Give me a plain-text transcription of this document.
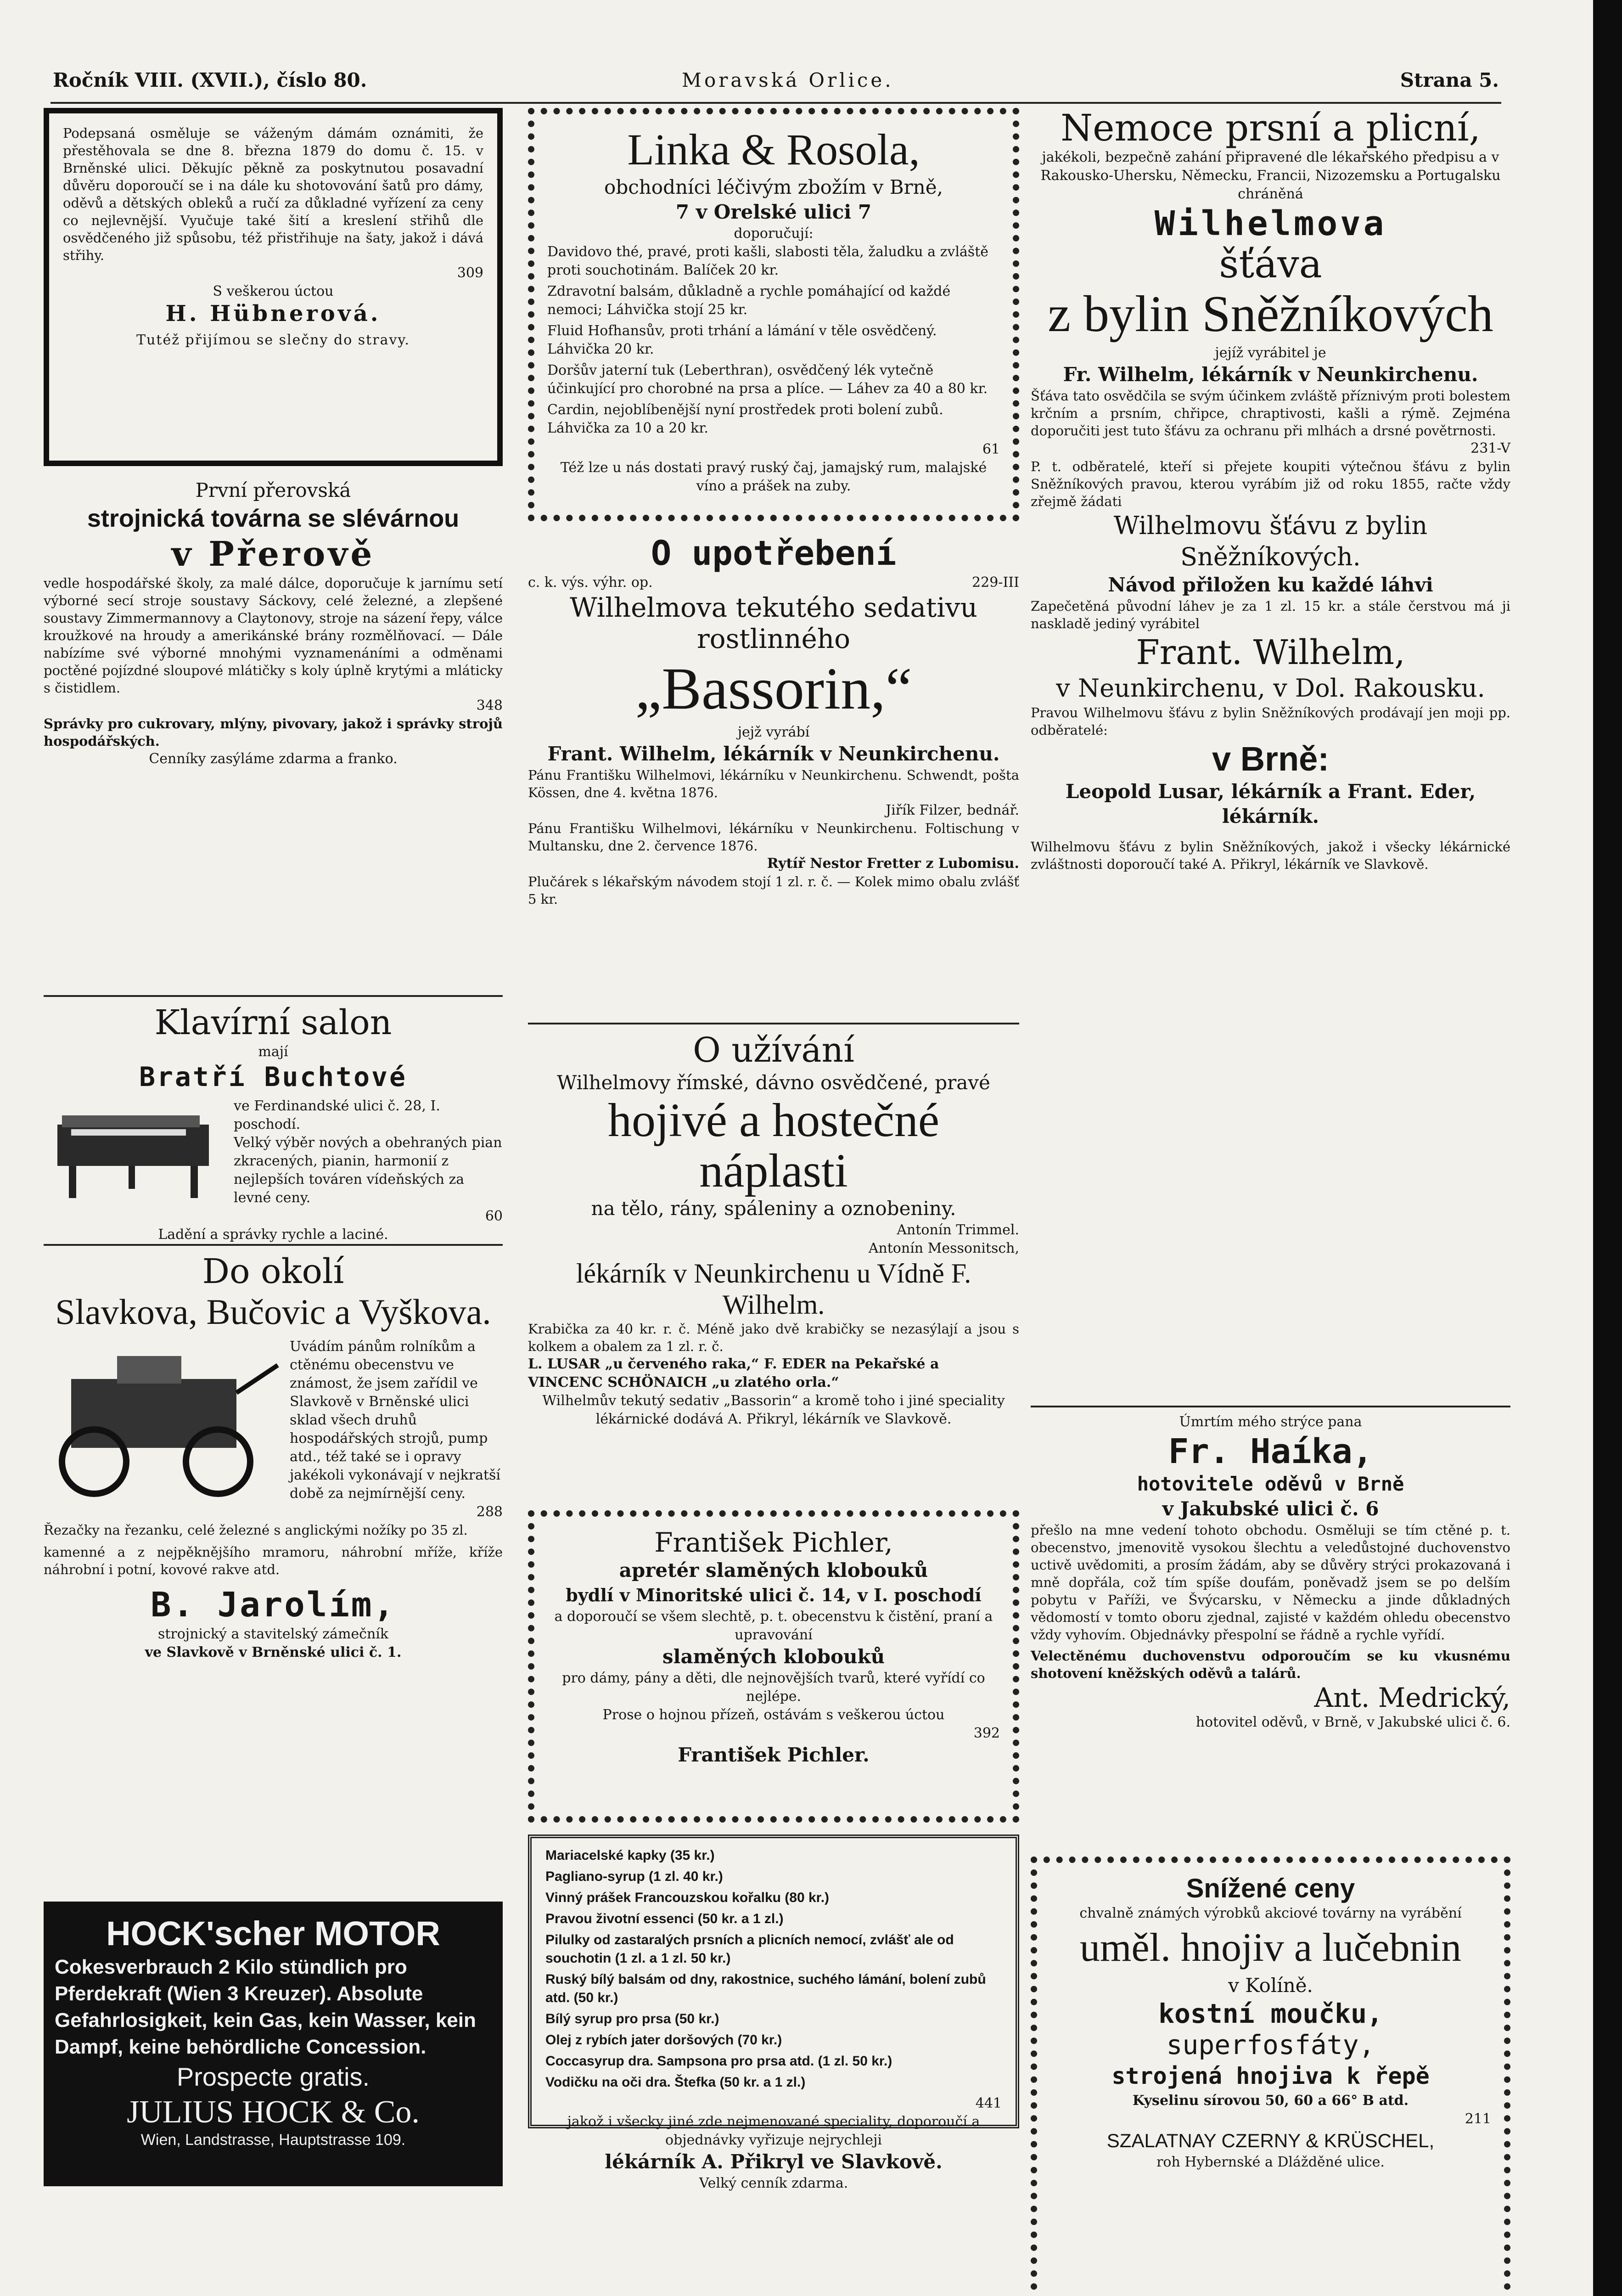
Ročník VIII. (XVII.), číslo 80.	Moravská Orlice.	Strana 5.
Podepsaná osměluje se váženým dámám oznámiti, že přestěhovala se dne 8. března 1879 do domu č. 15. v Brněnské ulici. Děkujíc pěkně za poskytnutou posavadní důvěru doporoučí se i na dále ku shotovování šatů pro dámy, oděvů a dětských obleků a ručí za důkladné vyřízení za ceny co nejlevnější. Vyučuje také šití a kreslení střihů dle osvědčeného již spůsobu, též přistřihuje na šaty, jakož i dává střihy.
309
S veškerou úctou
H. Hübnerová.
Tutéž přijímou se slečny do stravy.
První přerovská
strojnická továrna se slévárnou
v Přerově
vedle hospodářské školy, za malé dálce, doporučuje k jarnímu setí výborné secí stroje soustavy Sáckovy, celé železné, a zlepšené soustavy Zimmermannovy a Claytonovy, stroje na sázení řepy, válce kroužkové na hroudy a amerikánské brány rozmělňovací. — Dále nabízíme své výborné mnohými vyznamenáními a odměnami poctěné pojízdné sloupové mlátičky s koly úplně krytými a mláticky s čistidlem.
348
Správky pro cukrovary, mlýny, pivovary, jakož i správky strojů hospodářských.
Cenníky zasýláme zdarma a franko.
Klavírní salon
mají
Bratří Buchtové
ve Ferdinandské ulici č. 28, I. poschodí.
Velký výběr nových a obehraných pian zkracených, pianin, harmonií z nejlepších továren vídeňských za levné ceny.
60
Ladění a správky rychle a laciné.
Do okolí
Slavkova, Bučovic a Vyškova.
Uvádím pánům rolníkům a ctěnému obecenstvu ve známost, že jsem zařídil ve Slavkově v Brněnské ulici sklad všech druhů hospodářských strojů, pump atd., též také se i opravy jakékoli vykonávají v nejkratší době za nejmírnější ceny.
288
Řezačky na řezanku, celé železné s anglickými nožíky po 35 zl.
kamenné a z nejpěknějšího mramoru, náhrobní mříže, kříže náhrobní i potní, kovové rakve atd.
B. Jarolím,
strojnický a stavitelský zámečník
ve Slavkově v Brněnské ulici č. 1.
HOCK'scher MOTOR
Cokesverbrauch 2 Kilo stündlich pro Pferdekraft (Wien 3 Kreuzer). Absolute Gefahrlosigkeit, kein Gas, kein Wasser, kein Dampf, keine behördliche Concession.
Prospecte gratis.
JULIUS HOCK & Co.
Wien, Landstrasse, Hauptstrasse 109.
Linka & Rosola,
obchodníci léčivým zbožím v Brně,
7 v Orelské ulici 7
doporučují:
Davidovo thé, pravé, proti kašli, slabosti těla, žaludku a zvláště proti souchotinám. Balíček 20 kr.
Zdravotní balsám, důkladně a rychle pomáhající od každé nemoci; Láhvička stojí 25 kr.
Fluid Hofhansův, proti trhání a lámání v těle osvědčený. Láhvička 20 kr.
Doršův jaterní tuk (Leberthran), osvědčený lék vytečně účinkující pro chorobné na prsa a plíce. — Láhev za 40 a 80 kr.
Cardin, nejoblíbenější nyní prostředek proti bolení zubů. Láhvička za 10 a 20 kr.
61
Též lze u nás dostati pravý ruský čaj, jamajský rum, malajské víno a prášek na zuby.
O upotřebení
c. k. výs. výhr. op.	229-III
Wilhelmova tekutého sedativu rostlinného
„Bassorin,“
jejž vyrábí
Frant. Wilhelm, lékárník v Neunkirchenu.
Pánu Františku Wilhelmovi, lékárníku v Neunkirchenu. Schwendt, pošta Kössen, dne 4. května 1876.
Jiřík Filzer, bednář.
Pánu Františku Wilhelmovi, lékárníku v Neunkirchenu. Foltischung v Multansku, dne 2. července 1876.
Rytíř Nestor Fretter z Lubomisu.
Plučárek s lékařským návodem stojí 1 zl. r. č. — Kolek mimo obalu zvlášť 5 kr.
O užívání
Wilhelmovy římské, dávno osvědčené, pravé
hojivé a hostečné náplasti
na tělo, rány, spáleniny a oznobeniny.
Antonín Trimmel.
Antonín Messonitsch,
lékárník v Neunkirchenu u Vídně F. Wilhelm.
Krabička za 40 kr. r. č. Méně jako dvě krabičky se nezasýlají a jsou s kolkem a obalem za 1 zl. r. č.
L. LUSAR „u červeného raka,“ F. EDER na Pekařské a
VINCENC SCHÖNAICH „u zlatého orla.“
Wilhelmův tekutý sedativ „Bassorin“ a kromě toho i jiné speciality lékárnické dodává A. Přikryl, lékárník ve Slavkově.
František Pichler,
apretér slaměných klobouků
bydlí v Minoritské ulici č. 14, v I. poschodí
a doporoučí se všem slechtě, p. t. obecenstvu k čistění, praní a upravování
slaměných klobouků
pro dámy, pány a děti, dle nejnovějších tvarů, které vyřídí co nejlépe.
Prose o hojnou přízeň, ostávám s veškerou úctou
392
František Pichler.
Mariacelské kapky (35 kr.)
Pagliano-syrup (1 zl. 40 kr.)
Vinný prášek Francouzskou kořalku (80 kr.)
Pravou životní essenci (50 kr. a 1 zl.)
Pilulky od zastaralých prsních a plicních nemocí, zvlášť ale od souchotin (1 zl. a 1 zl. 50 kr.)
Ruský bílý balsám od dny, rakostnice, suchého lámání, bolení zubů atd. (50 kr.)
Bílý syrup pro prsa (50 kr.)
Olej z rybích jater doršových (70 kr.)
Coccasyrup dra. Sampsona pro prsa atd. (1 zl. 50 kr.)
Vodičku na oči dra. Štefka (50 kr. a 1 zl.)
441
jakož i všecky jiné zde nejmenované speciality, doporoučí a objednávky vyřizuje nejrychleji
lékárník A. Přikryl ve Slavkově.
Velký cenník zdarma.
Nemoce prsní a plicní,
jakékoli, bezpečně zahání připravené dle lékařského předpisu a v Rakousko-Uhersku, Německu, Francii, Nizozemsku a Portugalsku chráněná
Wilhelmova
šťáva
z bylin Sněžníkových
jejíž vyrábitel je
Fr. Wilhelm, lékárník v Neunkirchenu.
Šťáva tato osvědčila se svým účinkem zvláště příznivým proti bolestem krčním a prsním, chřipce, chraptivosti, kašli a rýmě. Zejména doporučiti jest tuto šťávu za ochranu při mlhách a drsné povětrnosti.
231-V
P. t. odběratelé, kteří si přejete koupiti výtečnou šťávu z bylin Sněžníkových pravou, kterou vyrábím již od roku 1855, račte vždy zřejmě žádati
Wilhelmovu šťávu z bylin Sněžníkových.
Návod přiložen ku každé láhvi
Zapečetěná původní láhev je za 1 zl. 15 kr. a stále čerstvou má ji naskladě jediný vyrábitel
Frant. Wilhelm,
v Neunkirchenu, v Dol. Rakousku.
Pravou Wilhelmovu šťávu z bylin Sněžníkových prodávají jen moji pp. odběratelé:
v Brně:
Leopold Lusar, lékárník a Frant. Eder, lékárník.
Wilhelmovu šťávu z bylin Sněžníkových, jakož i všecky lékárnické zvláštnosti doporoučí také A. Přikryl, lékárník ve Slavkově.
Úmrtím mého strýce pana
Fr. Haíka,
hotovitele oděvů v Brně
v Jakubské ulici č. 6
přešlo na mne vedení tohoto obchodu. Osměluji se tím ctěné p. t. obecenstvo, jmenovitě vysokou šlechtu a veledůstojné duchovenstvo uctivě uvědomiti, a prosím žádám, aby se důvěry strýci prokazovaná i mně dopřála, což tím spíše doufám, poněvadž jsem se po delším pobytu v Paříži, ve Švýcarsku, v Německu a jinde důkladných vědomostí v tomto oboru zjednal, zajisté v každém ohledu obecenstvo vždy vyhovím. Objednávky přespolní se řádně a rychle vyřídí.
Velectěnému duchovenstvu odporoučím se ku vkusnému shotovení kněžských oděvů a talárů.
Ant. Medrický,
hotovitel oděvů, v Brně, v Jakubské ulici č. 6.
Snížené ceny
chvalně známých výrobků akciové továrny na vyrábění
uměl. hnojiv a lučebnin
v Kolíně.
kostní moučku,
superfosfáty,
strojená hnojiva k řepě
Kyselinu sírovou 50, 60 a 66° B atd.
211
SZALATNAY CZERNY & KRÜSCHEL,
roh Hybernské a Dlážděné ulice.
